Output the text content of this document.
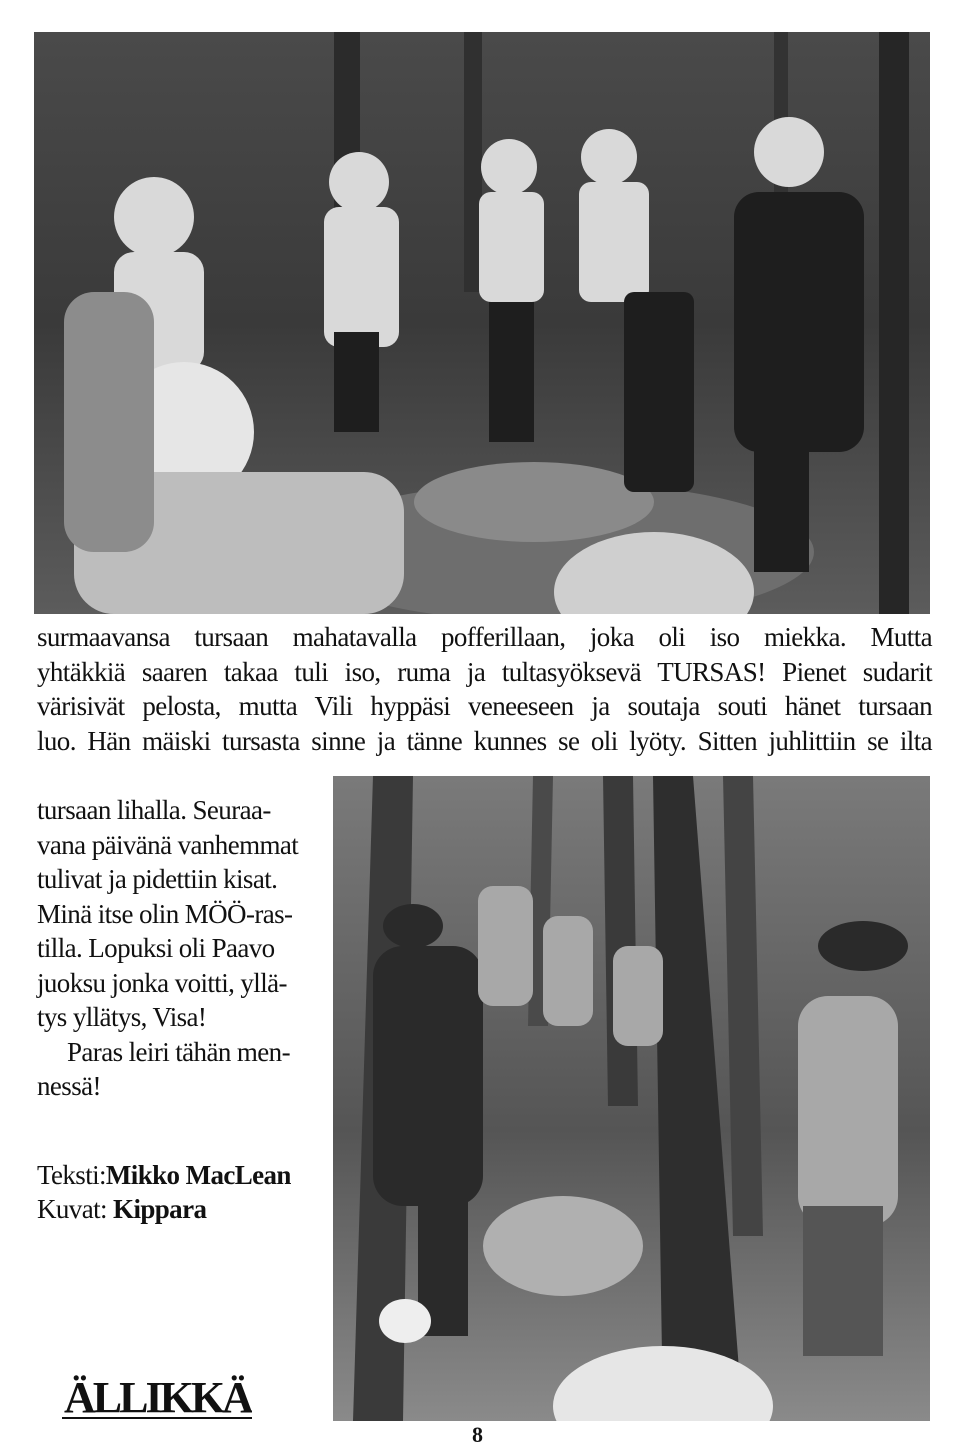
surmaavansa tursaan mahatavalla pofferillaan, joka oli iso miekka. Mutta
yhtäkkiä saaren takaa tuli iso, ruma ja tultasyöksevä TURSAS! Pienet sudarit
värisivät pelosta, mutta Vili hyppäsi veneeseen ja soutaja souti hänet tursaan
luo. Hän mäiski tursasta sinne ja tänne kunnes se oli lyöty. Sitten juhlittiin se ilta
tursaan lihalla. Seuraa-
vana päivänä vanhemmat
tulivat ja pidettiin kisat.
Minä itse olin MÖÖ-ras-
tilla. Lopuksi oli Paavo
juoksu jonka voitti, yllä-
tys yllätys, Visa!
Paras leiri tähän men-
nessä!
Teksti:Mikko MacLean
Kuvat: Kippara
ÄLLIKKÄ
8
